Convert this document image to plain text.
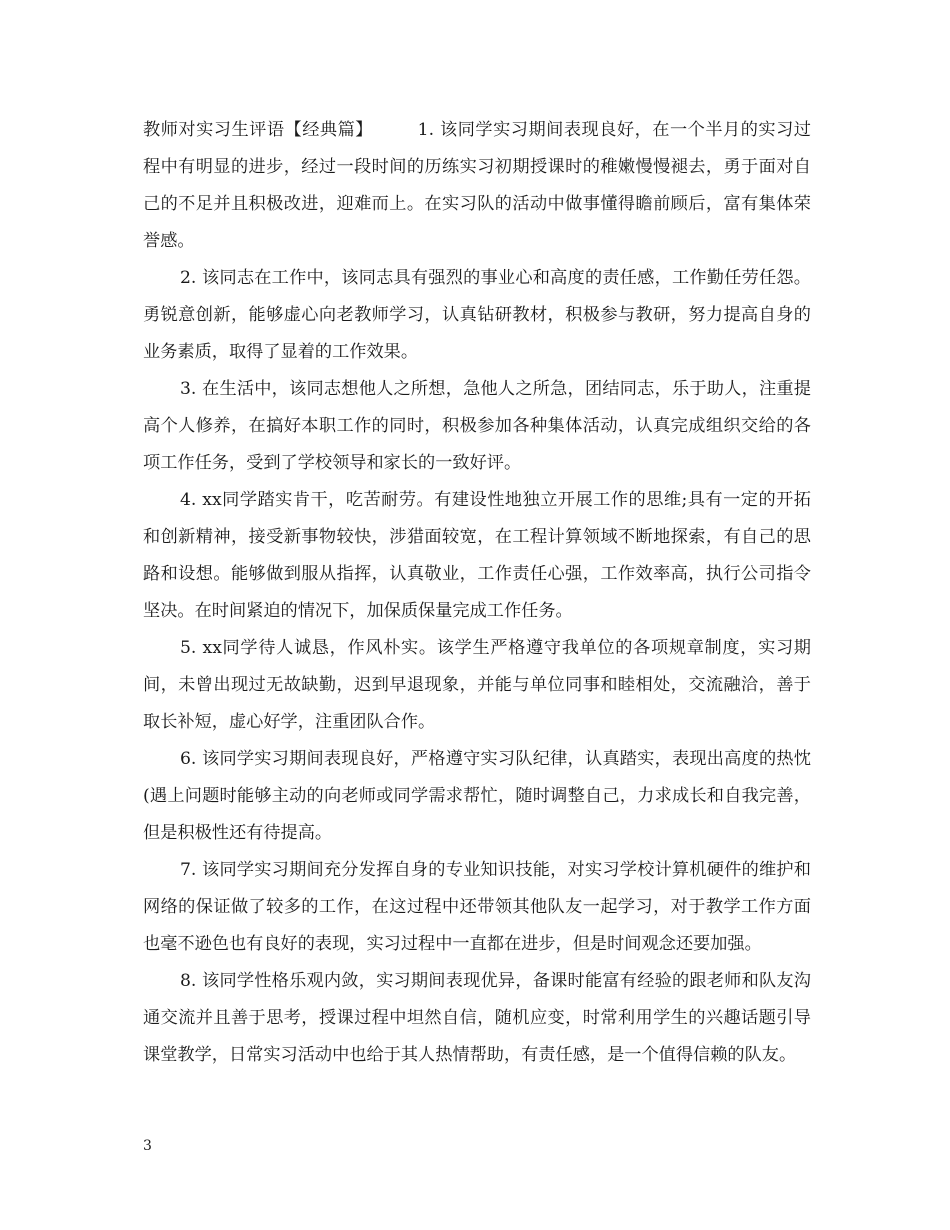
教师对实习生评语【经典篇】	1. 该同学实习期间表现良好，在一个半月的实习过程中有明显的进步，经过一段时间的历练实习初期授课时的稚嫩慢慢褪去，勇于面对自己的不足并且积极改进，迎难而上。在实习队的活动中做事懂得瞻前顾后，富有集体荣誉感。

2. 该同志在工作中，该同志具有强烈的事业心和高度的责任感，工作勤任劳任怨。勇锐意创新，能够虚心向老教师学习，认真钻研教材，积极参与教研，努力提高自身的业务素质，取得了显着的工作效果。

3. 在生活中，该同志想他人之所想，急他人之所急，团结同志，乐于助人，注重提高个人修养，在搞好本职工作的同时，积极参加各种集体活动，认真完成组织交给的各项工作任务，受到了学校领导和家长的一致好评。

4. xx同学踏实肯干，吃苦耐劳。有建设性地独立开展工作的思维;具有一定的开拓和创新精神，接受新事物较快，涉猎面较宽，在工程计算领域不断地探索，有自己的思路和设想。能够做到服从指挥，认真敬业，工作责任心强，工作效率高，执行公司指令坚决。在时间紧迫的情况下，加保质保量完成工作任务。

5. xx同学待人诚恳，作风朴实。该学生严格遵守我单位的各项规章制度，实习期间，未曾出现过无故缺勤，迟到早退现象，并能与单位同事和睦相处，交流融洽，善于取长补短，虚心好学，注重团队合作。

6. 该同学实习期间表现良好，严格遵守实习队纪律，认真踏实，表现出高度的热忱(遇上问题时能够主动的向老师或同学需求帮忙，随时调整自己，力求成长和自我完善，但是积极性还有待提高。

7. 该同学实习期间充分发挥自身的专业知识技能，对实习学校计算机硬件的维护和网络的保证做了较多的工作，在这过程中还带领其他队友一起学习，对于教学工作方面也毫不逊色也有良好的表现，实习过程中一直都在进步，但是时间观念还要加强。

8. 该同学性格乐观内敛，实习期间表现优异，备课时能富有经验的跟老师和队友沟通交流并且善于思考，授课过程中坦然自信，随机应变，时常利用学生的兴趣话题引导课堂教学，日常实习活动中也给于其人热情帮助，有责任感，是一个值得信赖的队友。

3
